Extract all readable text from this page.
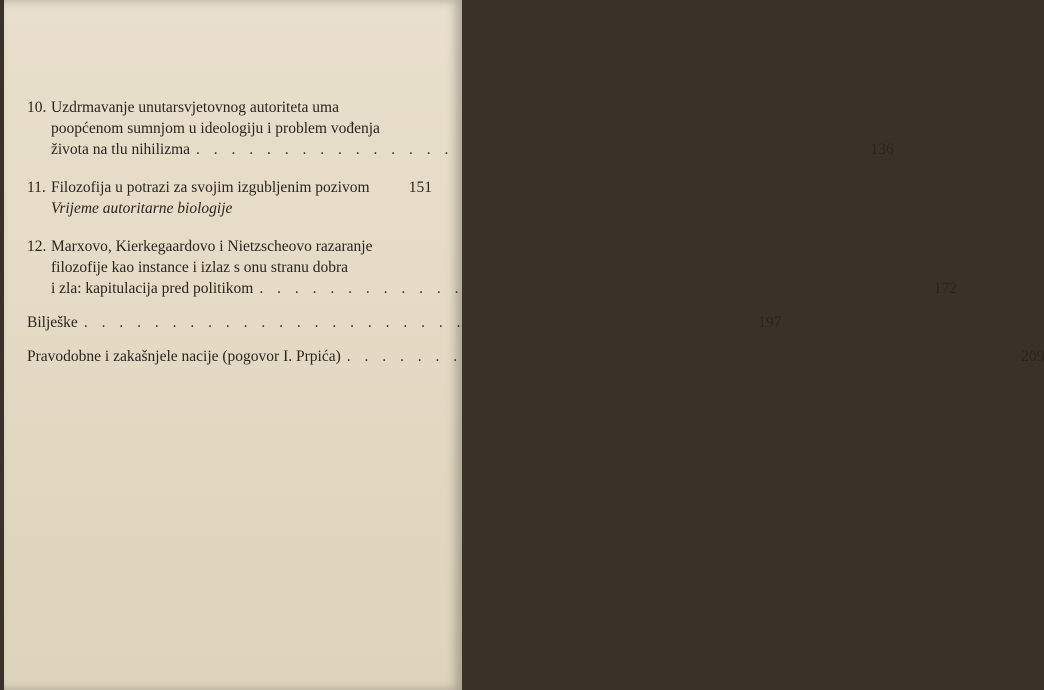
10. Uzdrmavanje unutarsvjetovnog autoriteta uma
poopćenom sumnjom u ideologiju i problem vođenja
života na tlu nihilizma . . . . . . . . . . . . . . . . . . . . . . . . . . . . . . . . . . . . . . 136
11. Filozofija u potrazi za svojim izgubljenim pozivom	151
Vrijeme autoritarne biologije
12. Marxovo, Kierkegaardovo i Nietzscheovo razaranje
filozofije kao instance i izlaz s onu stranu dobra
i zla: kapitulacija pred politikom . . . . . . . . . . . . . . . . . . . . . . . . . . . . . . . . . . . . . . 172
Bilješke . . . . . . . . . . . . . . . . . . . . . . . . . . . . . . . . . . . . . . 197
Pravodobne i zakašnjele nacije (pogovor I. Prpića) . . . . . . . . . . . . . . . . . . . . . . . . . . . . . . . . . . . . . . 209
